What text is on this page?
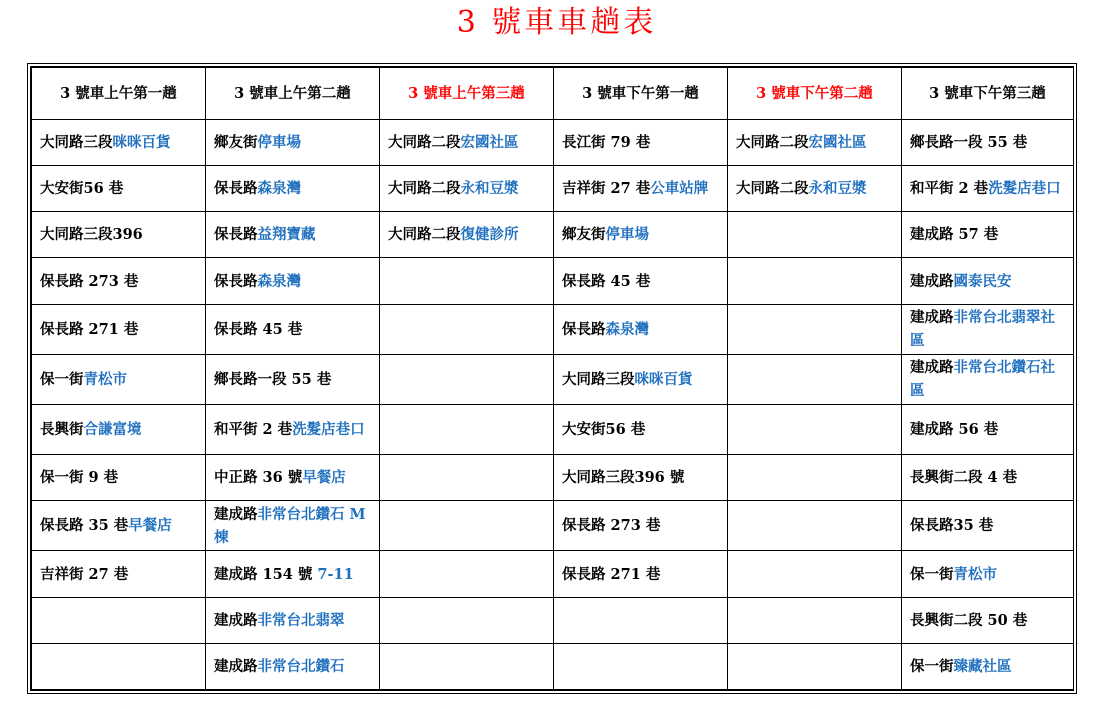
3 號車車趟表
3 號車上午第一趟	3 號車上午第二趟	3 號車上午第三趟	3 號車下午第一趟	3 號車下午第二趟	3 號車下午第三趟
大同路三段咪咪百貨	鄉友街停車場	大同路二段宏國社區	長江街 79 巷	大同路二段宏國社區	鄉長路一段 55 巷
大安街56 巷	保長路森泉灣	大同路二段永和豆漿	吉祥街 27 巷公車站牌	大同路二段永和豆漿	和平街 2 巷洗髮店巷口
大同路三段396	保長路益翔寶藏	大同路二段復健診所	鄉友街停車場		建成路 57 巷
保長路 273 巷	保長路森泉灣		保長路 45 巷		建成路國泰民安
保長路 271 巷	保長路 45 巷		保長路森泉灣		建成路非常台北翡翠社區
保一街青松市	鄉長路一段 55 巷		大同路三段咪咪百貨		建成路非常台北鑽石社區
長興街合謙富境	和平街 2 巷洗髮店巷口		大安街56 巷		建成路 56 巷
保一街 9 巷	中正路 36 號早餐店		大同路三段396 號		長興街二段 4 巷
保長路 35 巷早餐店	建成路非常台北鑽石 M 棟		保長路 273 巷		保長路35 巷
吉祥街 27 巷	建成路 154 號 7-11		保長路 271 巷		保一街青松市
	建成路非常台北翡翠				長興街二段 50 巷
	建成路非常台北鑽石				保一街臻藏社區
